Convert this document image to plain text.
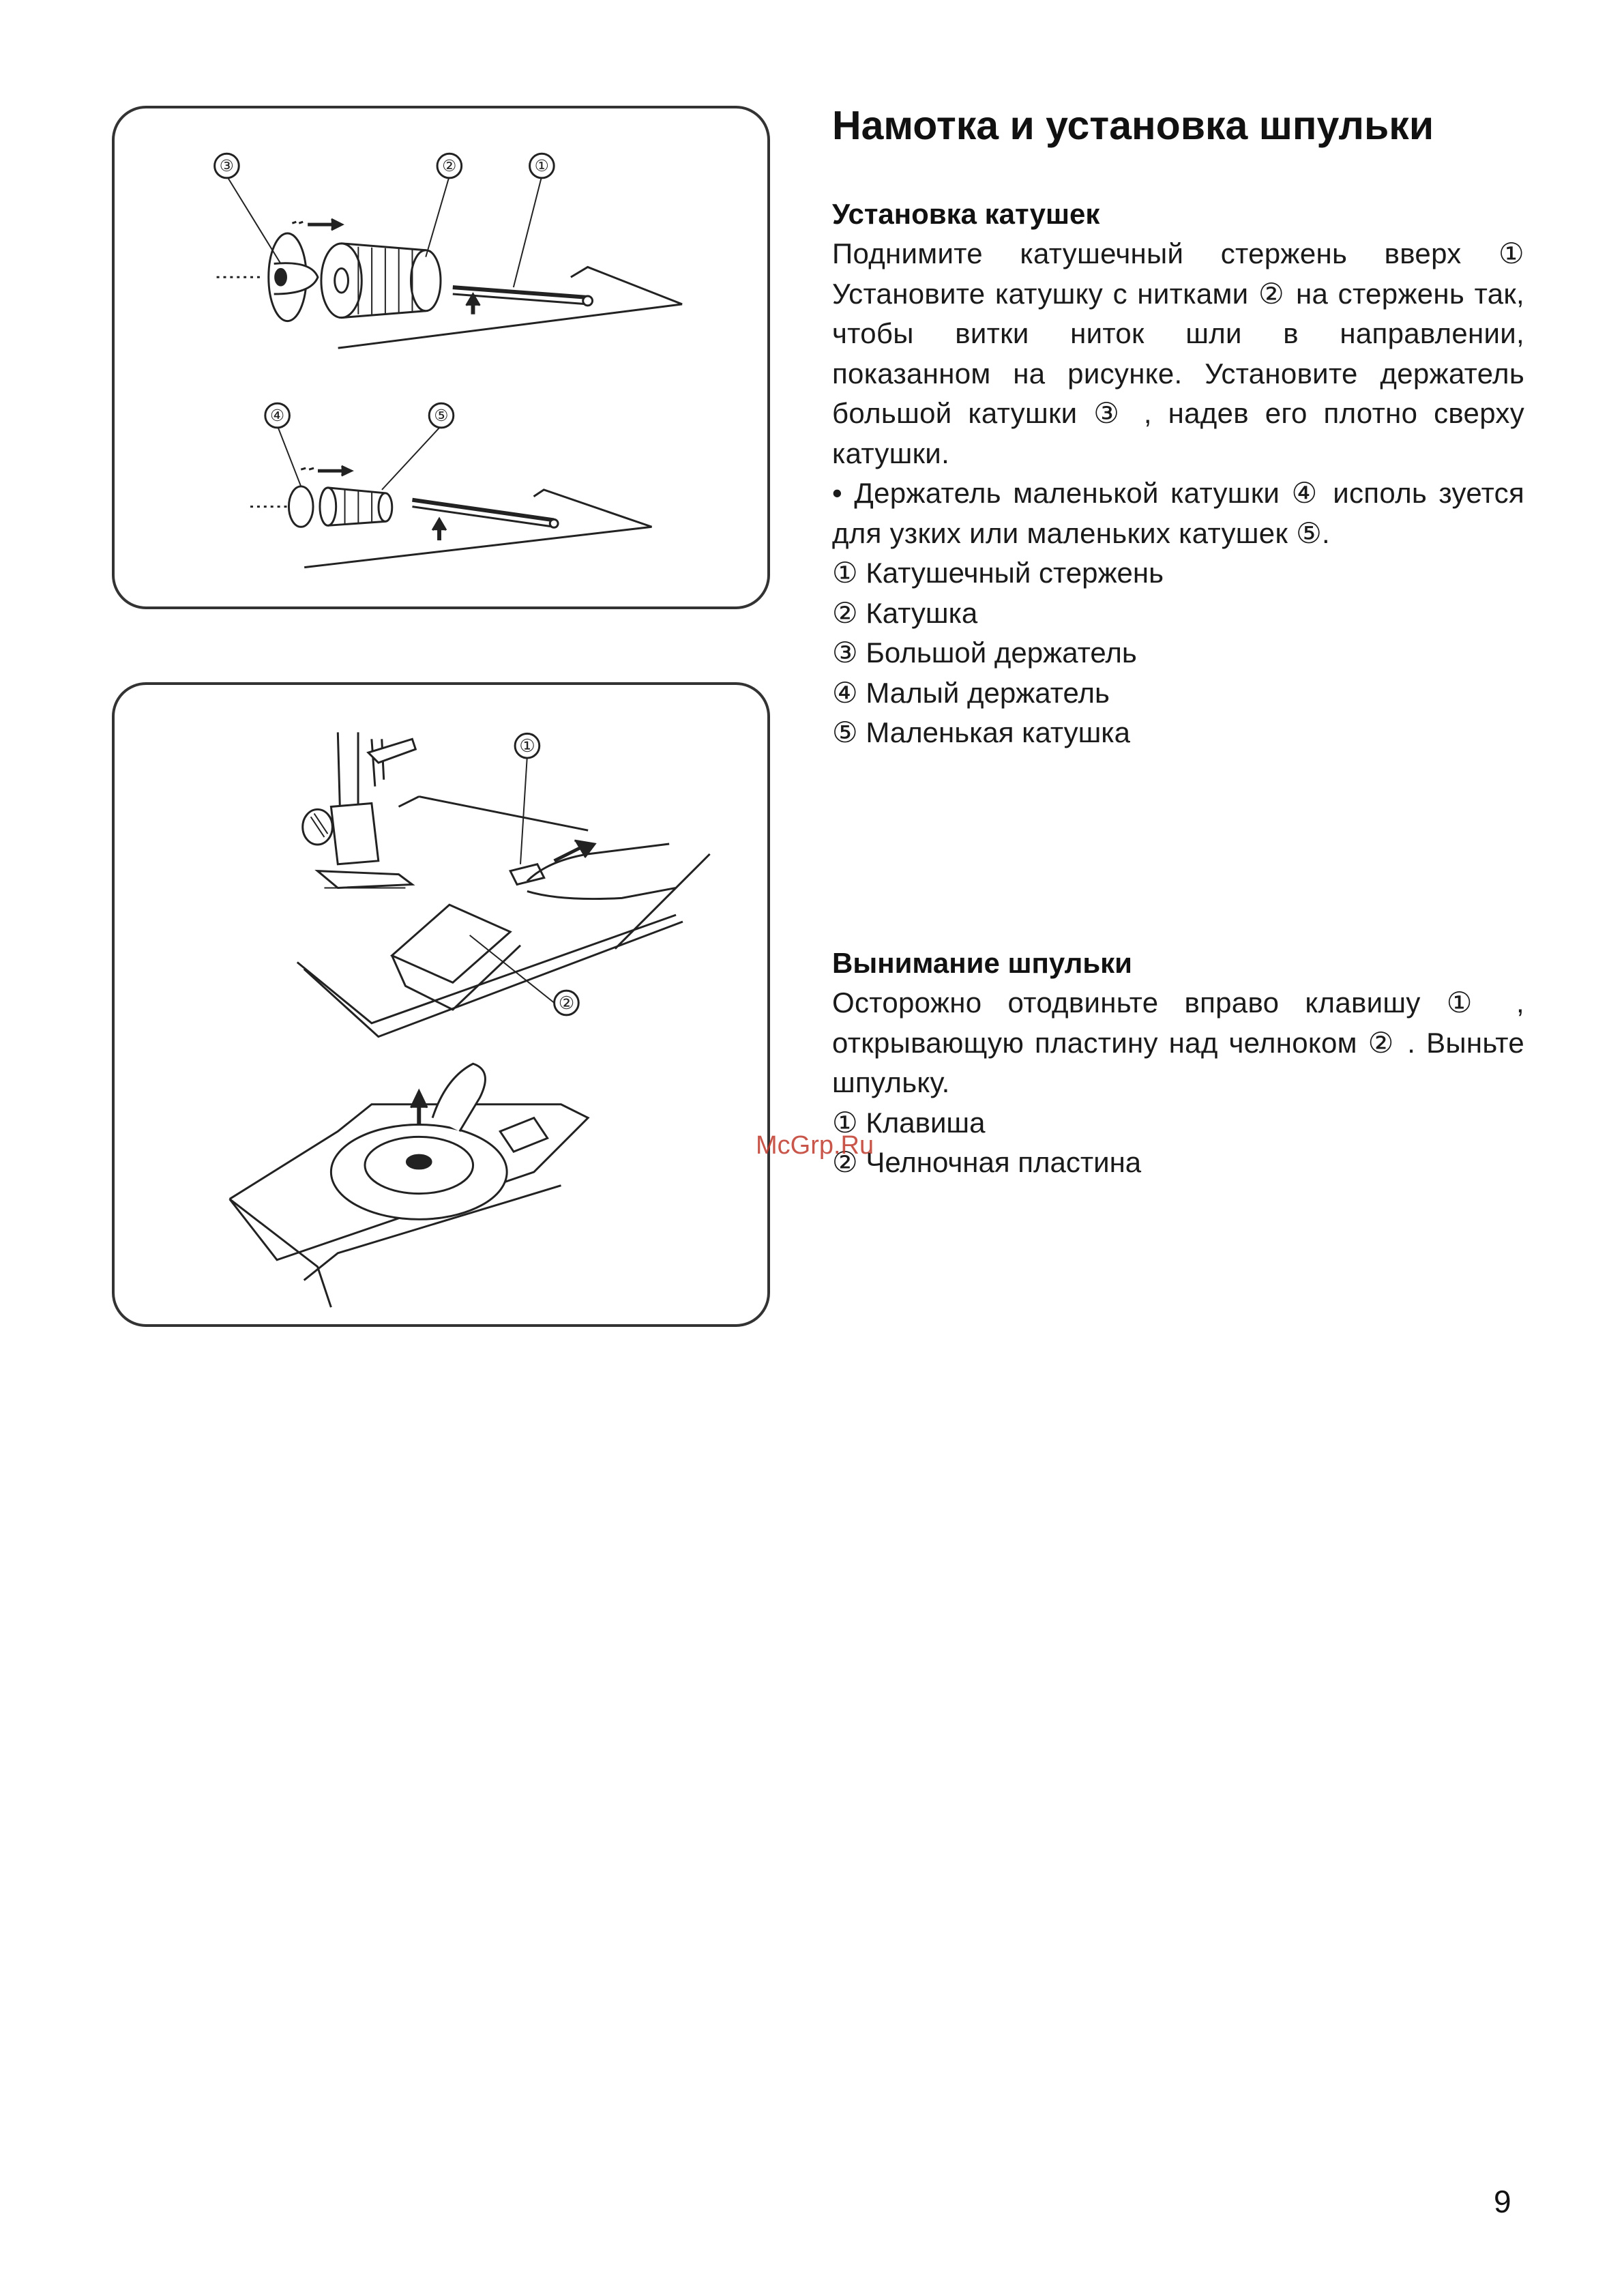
③	②	①
④	⑤
①
②
Намотка и установка шпульки
Установка катушек

Поднимите катушечный стержень вверх ① Установите катушку с нитками ② на стержень так, чтобы витки ниток шли в направлении, показанном на рисунке. Установите держатель большой катушки ③ , надев его плотно сверху катушки.

• Держатель маленькой катушки ④ исполь зуется для узких или маленьких катушек ⑤.

① Катушечный стержень
② Катушка
③ Большой держатель
④ Малый держатель
⑤ Маленькая катушка
Вынимание шпульки

Осторожно отодвиньте вправо клавишу ① , открывающую пластину над челноком ② . Выньте шпульку.

① Клавиша
② Челночная пластина
McGrp.Ru
9
